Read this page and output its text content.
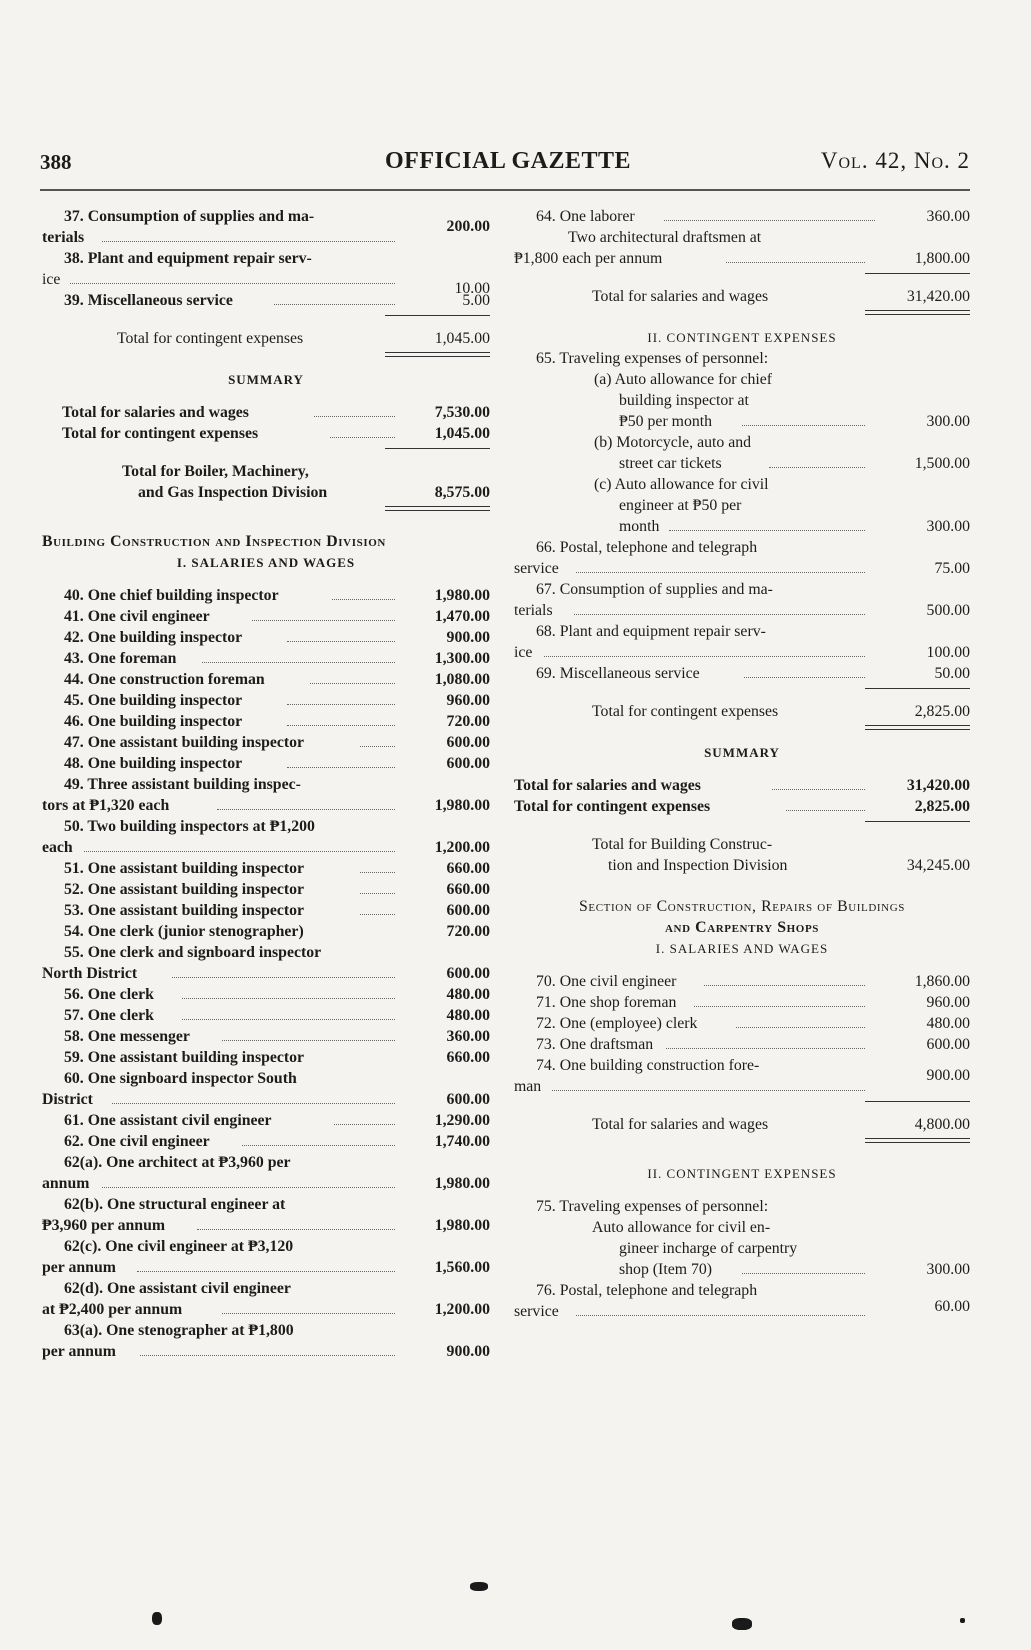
388	OFFICIAL GAZETTE	Vol. 42, No. 2
37. Consumption of supplies and ma-
terials
200.00
38. Plant and equipment repair serv-
ice
10.00
39. Miscellaneous service	5.00
Total for contingent expenses	1,045.00
SUMMARY
Total for salaries and wages	7,530.00
Total for contingent expenses	1,045.00
Total for Boiler, Machinery,
and Gas Inspection Division	8,575.00
Building Construction and Inspection Division
I. SALARIES AND WAGES
40. One chief building inspector	1,980.00
41. One civil engineer	1,470.00
42. One building inspector	900.00
43. One foreman	1,300.00
44. One construction foreman	1,080.00
45. One building inspector	960.00
46. One building inspector	720.00
47. One assistant building inspector	600.00
48. One building inspector	600.00
49. Three assistant building inspec-
tors at ₱1,320 each	1,980.00
50. Two building inspectors at ₱1,200
each	1,200.00
51. One assistant building inspector	660.00
52. One assistant building inspector	660.00
53. One assistant building inspector	600.00
54. One clerk (junior stenographer)	720.00
55. One clerk and signboard inspector
North District	600.00
56. One clerk	480.00
57. One clerk	480.00
58. One messenger	360.00
59. One assistant building inspector	660.00
60. One signboard inspector South
District	600.00
61. One assistant civil engineer	1,290.00
62. One civil engineer	1,740.00
62(a). One architect at ₱3,960 per
annum	1,980.00
62(b). One structural engineer at
₱3,960 per annum	1,980.00
62(c). One civil engineer at ₱3,120
per annum	1,560.00
62(d). One assistant civil engineer
at ₱2,400 per annum	1,200.00
63(a). One stenographer at ₱1,800
per annum	900.00
64. One laborer	360.00
Two architectural draftsmen at
₱1,800 each per annum	1,800.00
Total for salaries and wages	31,420.00
II. CONTINGENT EXPENSES
65. Traveling expenses of personnel:
(a) Auto allowance for chief
building inspector at
₱50 per month	300.00
(b) Motorcycle, auto and
street car tickets	1,500.00
(c) Auto allowance for civil
engineer at ₱50 per
month	300.00
66. Postal, telephone and telegraph
service	75.00
67. Consumption of supplies and ma-
terials	500.00
68. Plant and equipment repair serv-
ice	100.00
69. Miscellaneous service	50.00
Total for contingent expenses	2,825.00
SUMMARY
Total for salaries and wages	31,420.00
Total for contingent expenses	2,825.00
Total for Building Construc-
tion and Inspection Division	34,245.00
Section of Construction, Repairs of Buildings
and Carpentry Shops
I. SALARIES AND WAGES
70. One civil engineer	1,860.00
71. One shop foreman	960.00
72. One (employee) clerk	480.00
73. One draftsman	600.00
74. One building construction fore-
man
900.00
Total for salaries and wages	4,800.00
II. CONTINGENT EXPENSES
75. Traveling expenses of personnel:
Auto allowance for civil en-
gineer incharge of carpentry
shop (Item 70)	300.00
76. Postal, telephone and telegraph
service	60.00
